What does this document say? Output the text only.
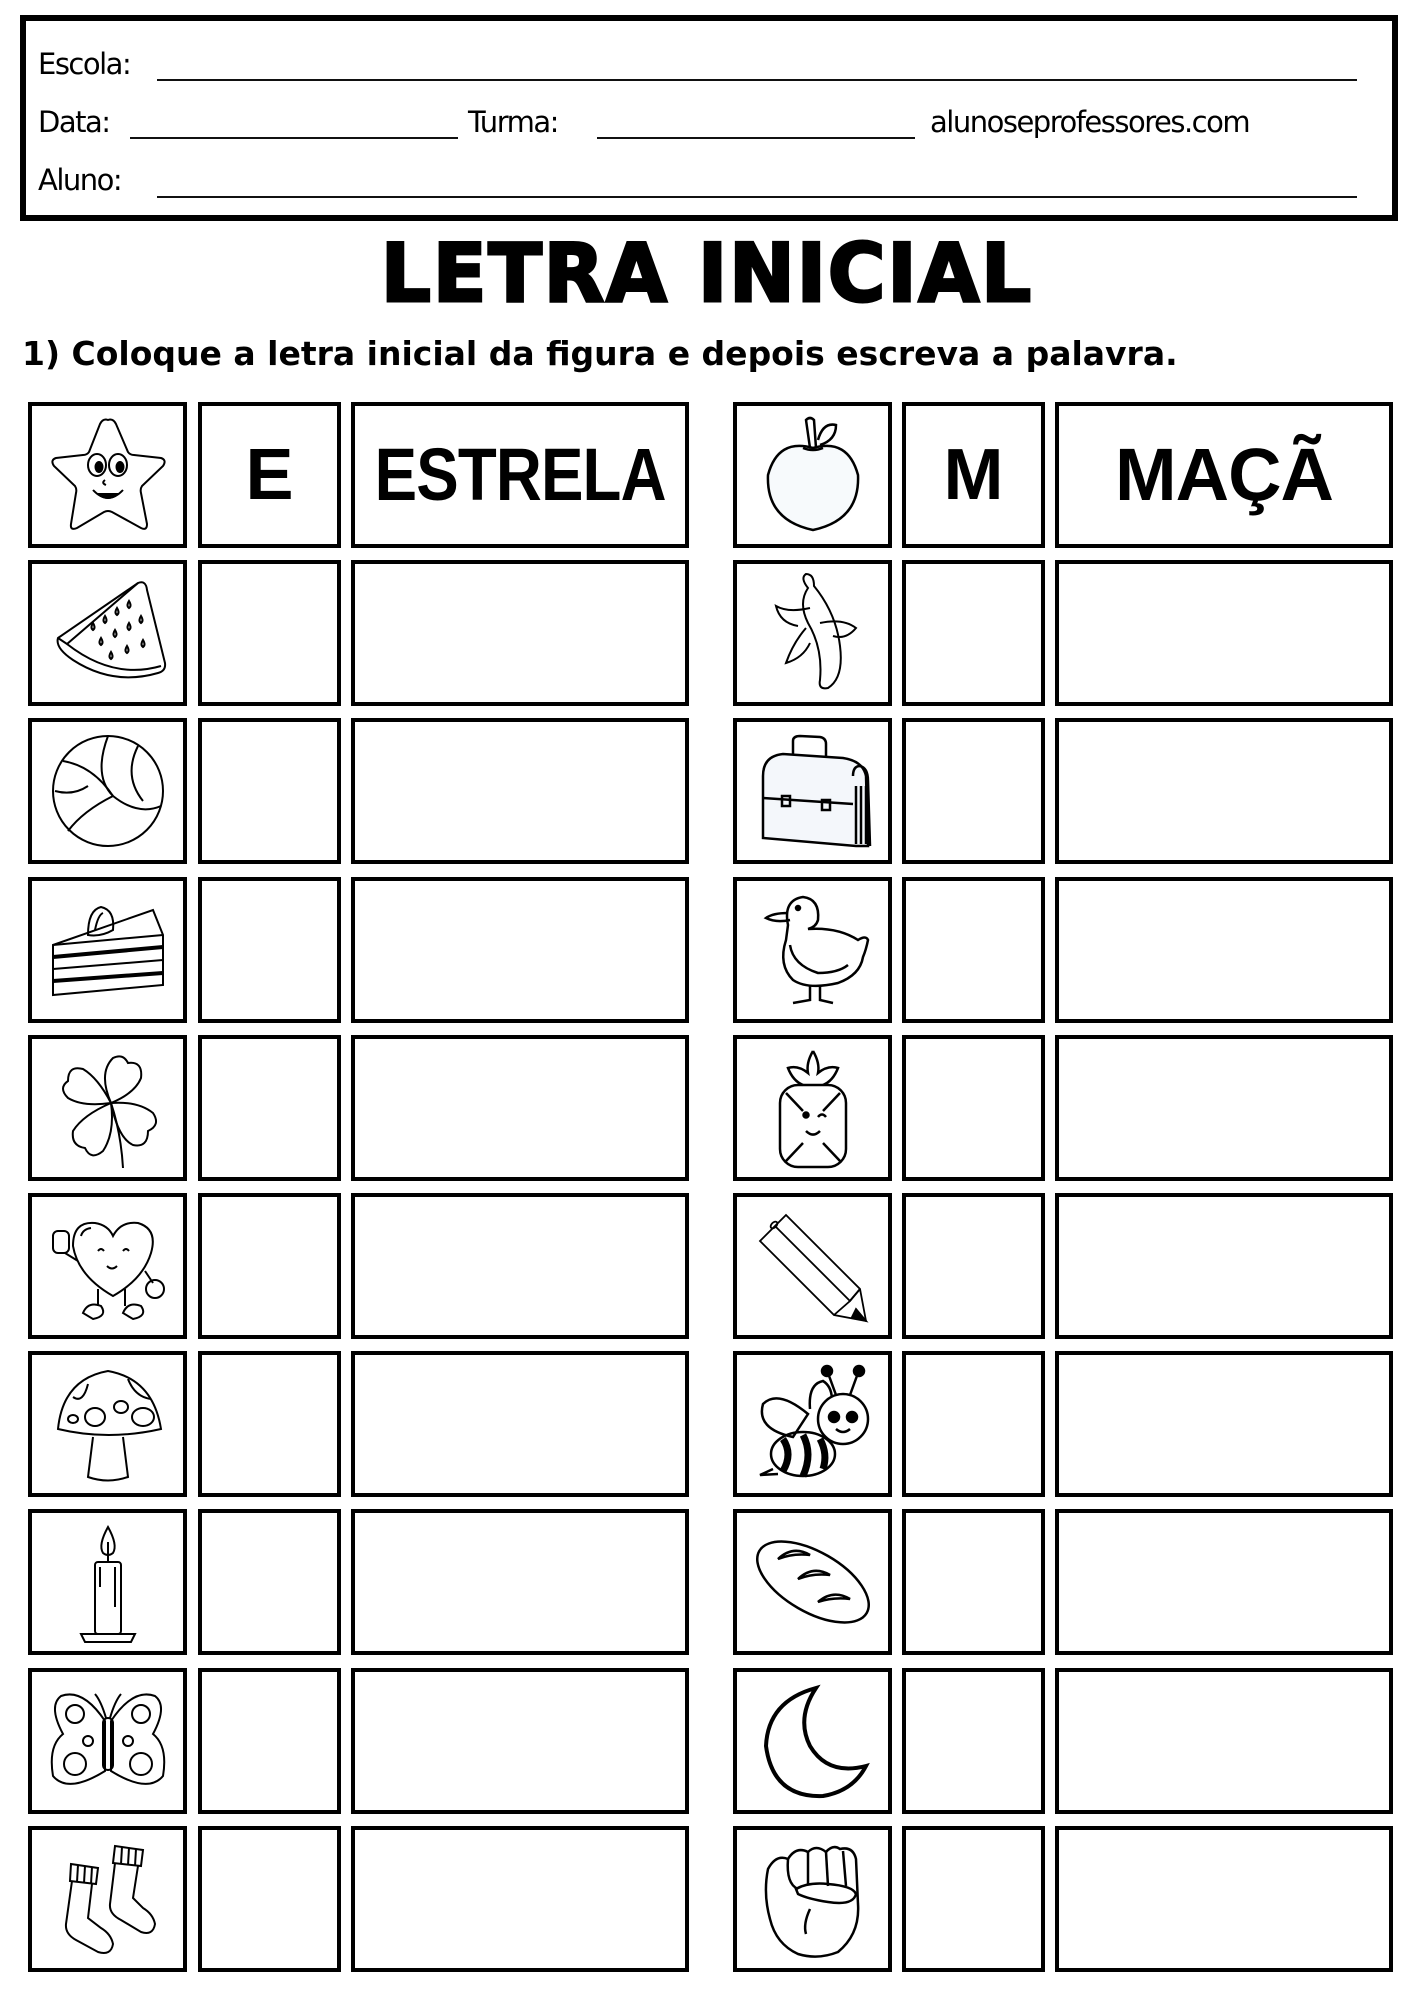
Escola:
Data:	Turma:	alunoseprofessores.com
Aluno:
LETRA INICIAL
1) Coloque a letra inicial da figura e depois escreva a palavra.
E ESTRELA	M MAÇÃ
